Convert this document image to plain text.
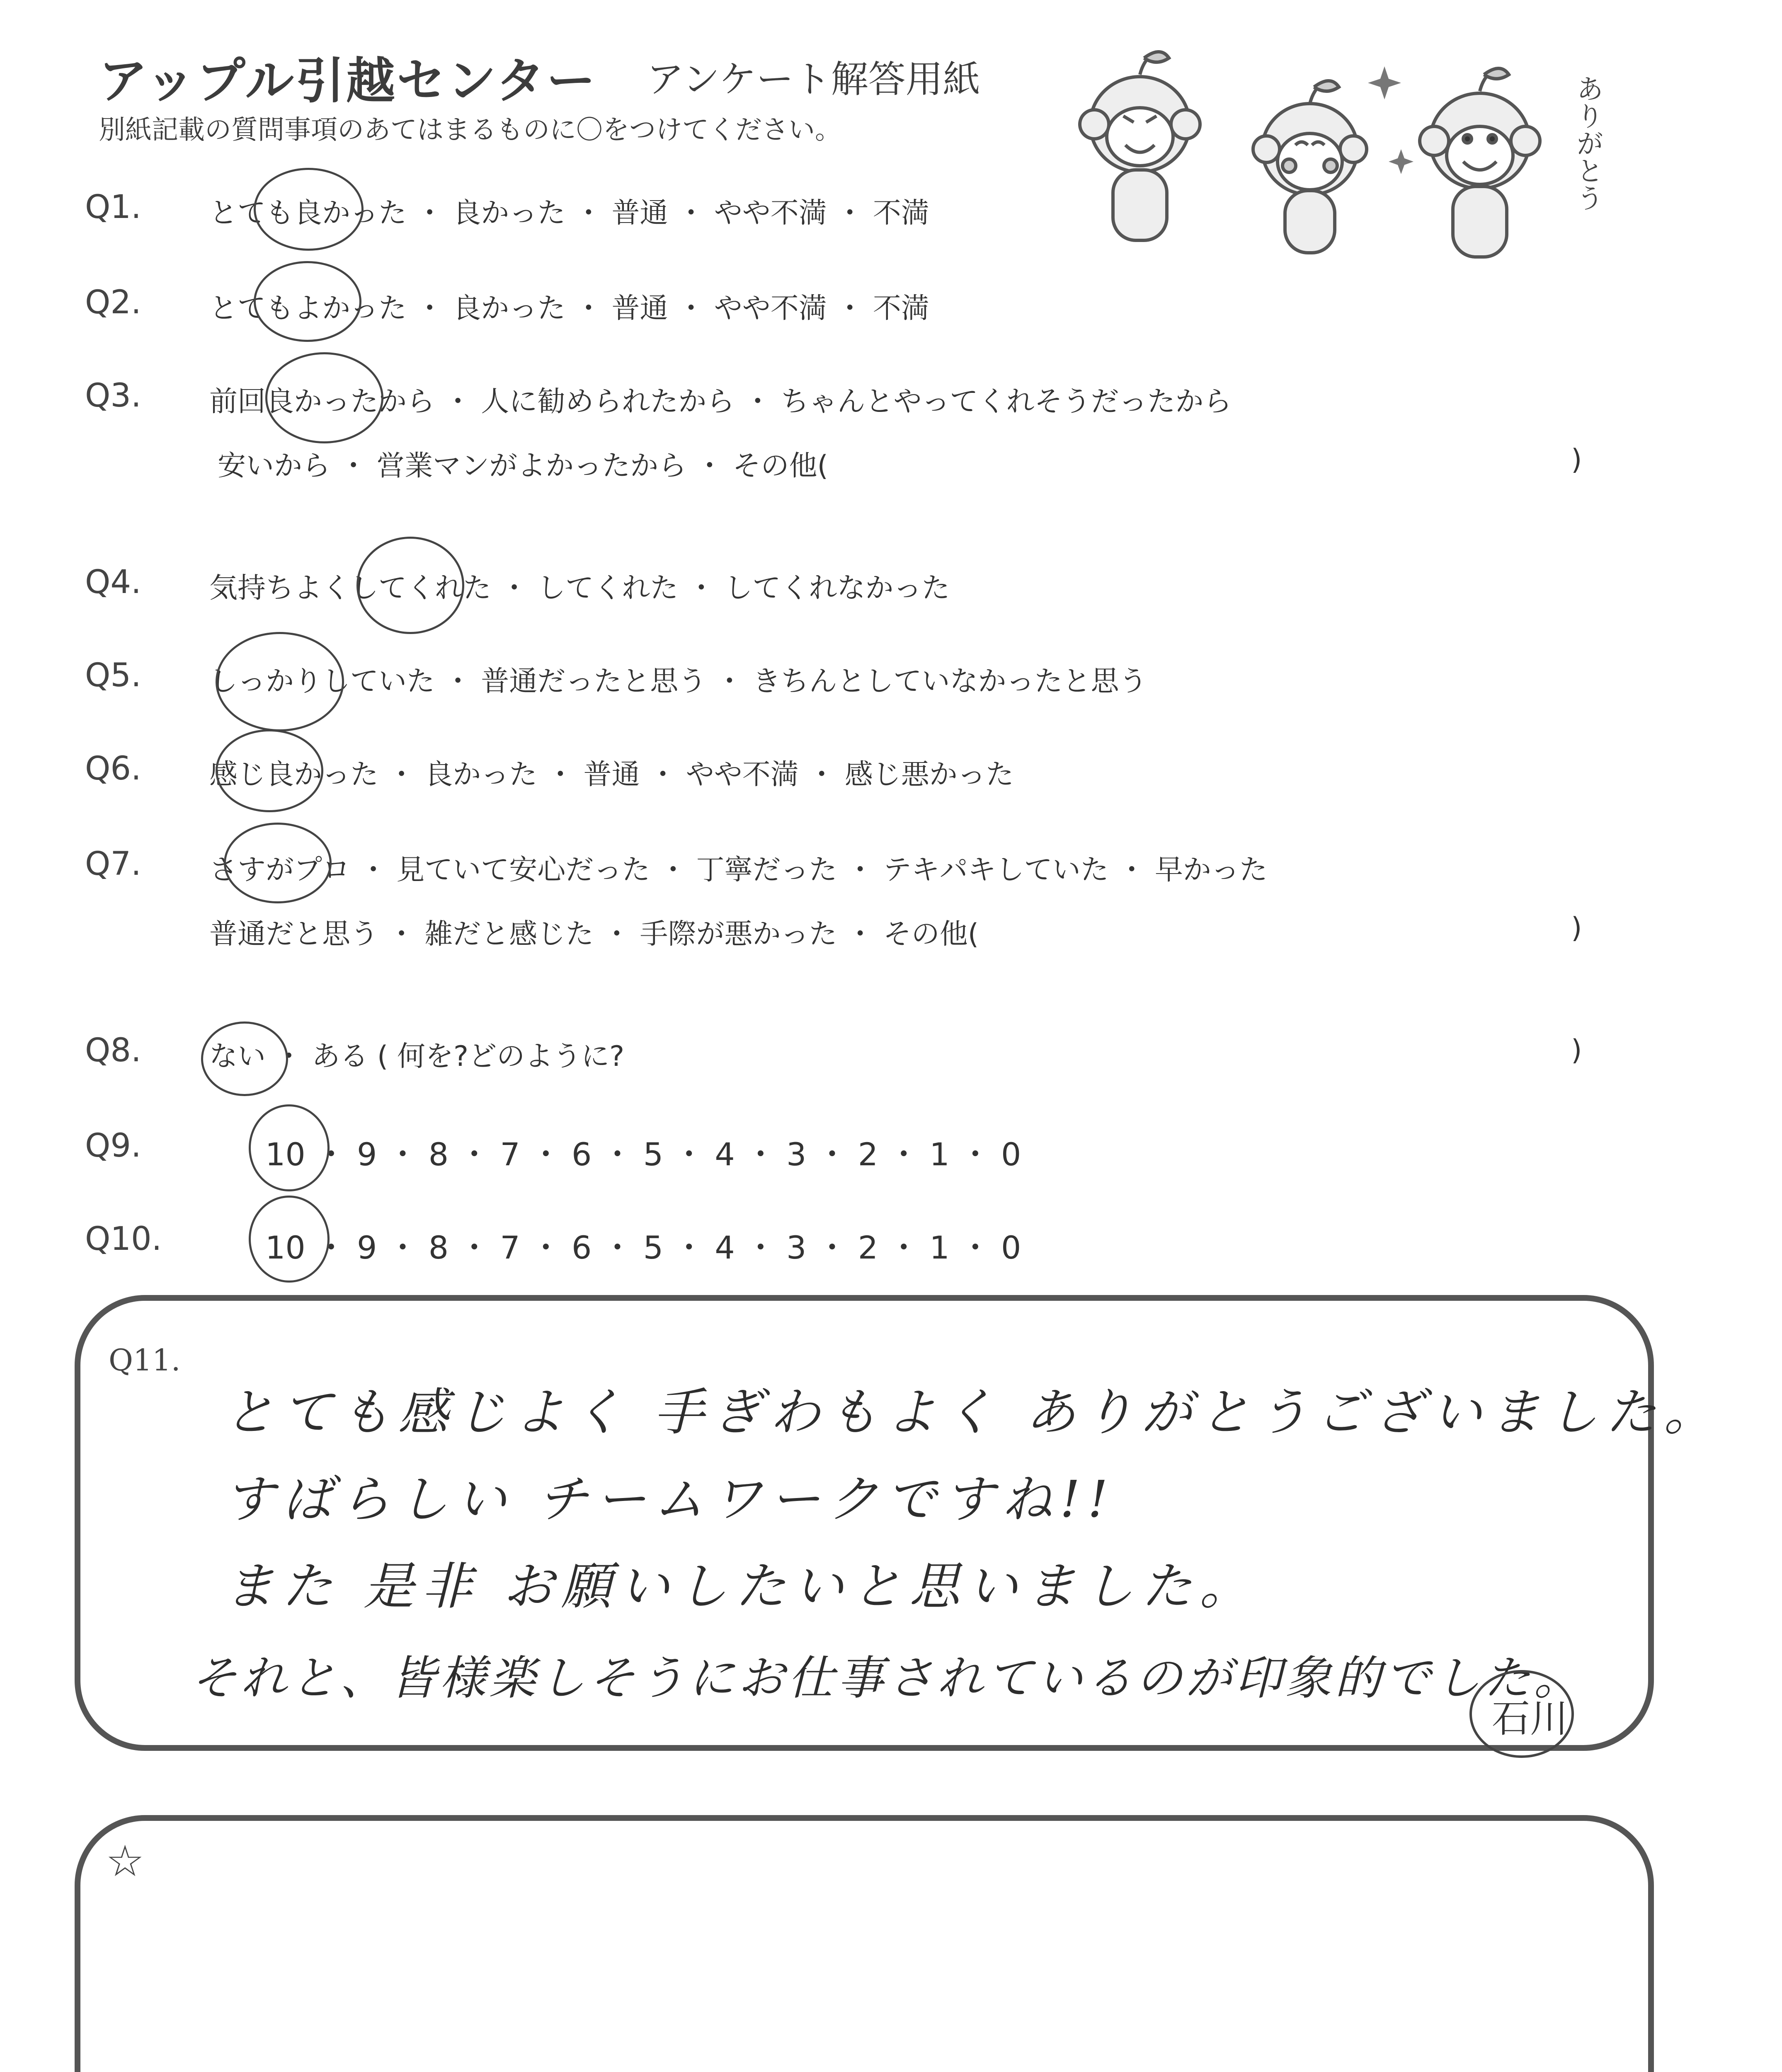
アップル引越センター アンケート解答用紙
別紙記載の質問事項のあてはまるものに〇をつけてください。	ありがとう
Q1. とても良かった ・ 良かった ・ 普通 ・ やや不満 ・ 不満
Q2. とてもよかった ・ 良かった ・ 普通 ・ やや不満 ・ 不満
Q3. 前回良かったから ・ 人に勧められたから ・ ちゃんとやってくれそうだったから
安いから ・ 営業マンがよかったから ・ その他(	)
Q4. 気持ちよくしてくれた ・ してくれた ・ してくれなかった
Q5. しっかりしていた ・ 普通だったと思う ・ きちんとしていなかったと思う
Q6. 感じ良かった ・ 良かった ・ 普通 ・ やや不満 ・ 感じ悪かった
Q7. さすがプロ ・ 見ていて安心だった ・ 丁寧だった ・ テキパキしていた ・ 早かった
普通だと思う ・ 雑だと感じた ・ 手際が悪かった ・ その他(	)
Q8. ない ・ ある ( 何を?どのように?	)
Q9.	10 ・ 9 ・ 8 ・ 7 ・ 6 ・ 5 ・ 4 ・ 3 ・ 2 ・ 1 ・ 0
Q10.	10 ・ 9 ・ 8 ・ 7 ・ 6 ・ 5 ・ 4 ・ 3 ・ 2 ・ 1 ・ 0
Q11.
とても感じよく 手ぎわもよく ありがとうございました。
すばらしい チームワークですね!!
また 是非 お願いしたいと思いました。
それと、皆様楽しそうにお仕事されているのが印象的でした。
石川
☆
